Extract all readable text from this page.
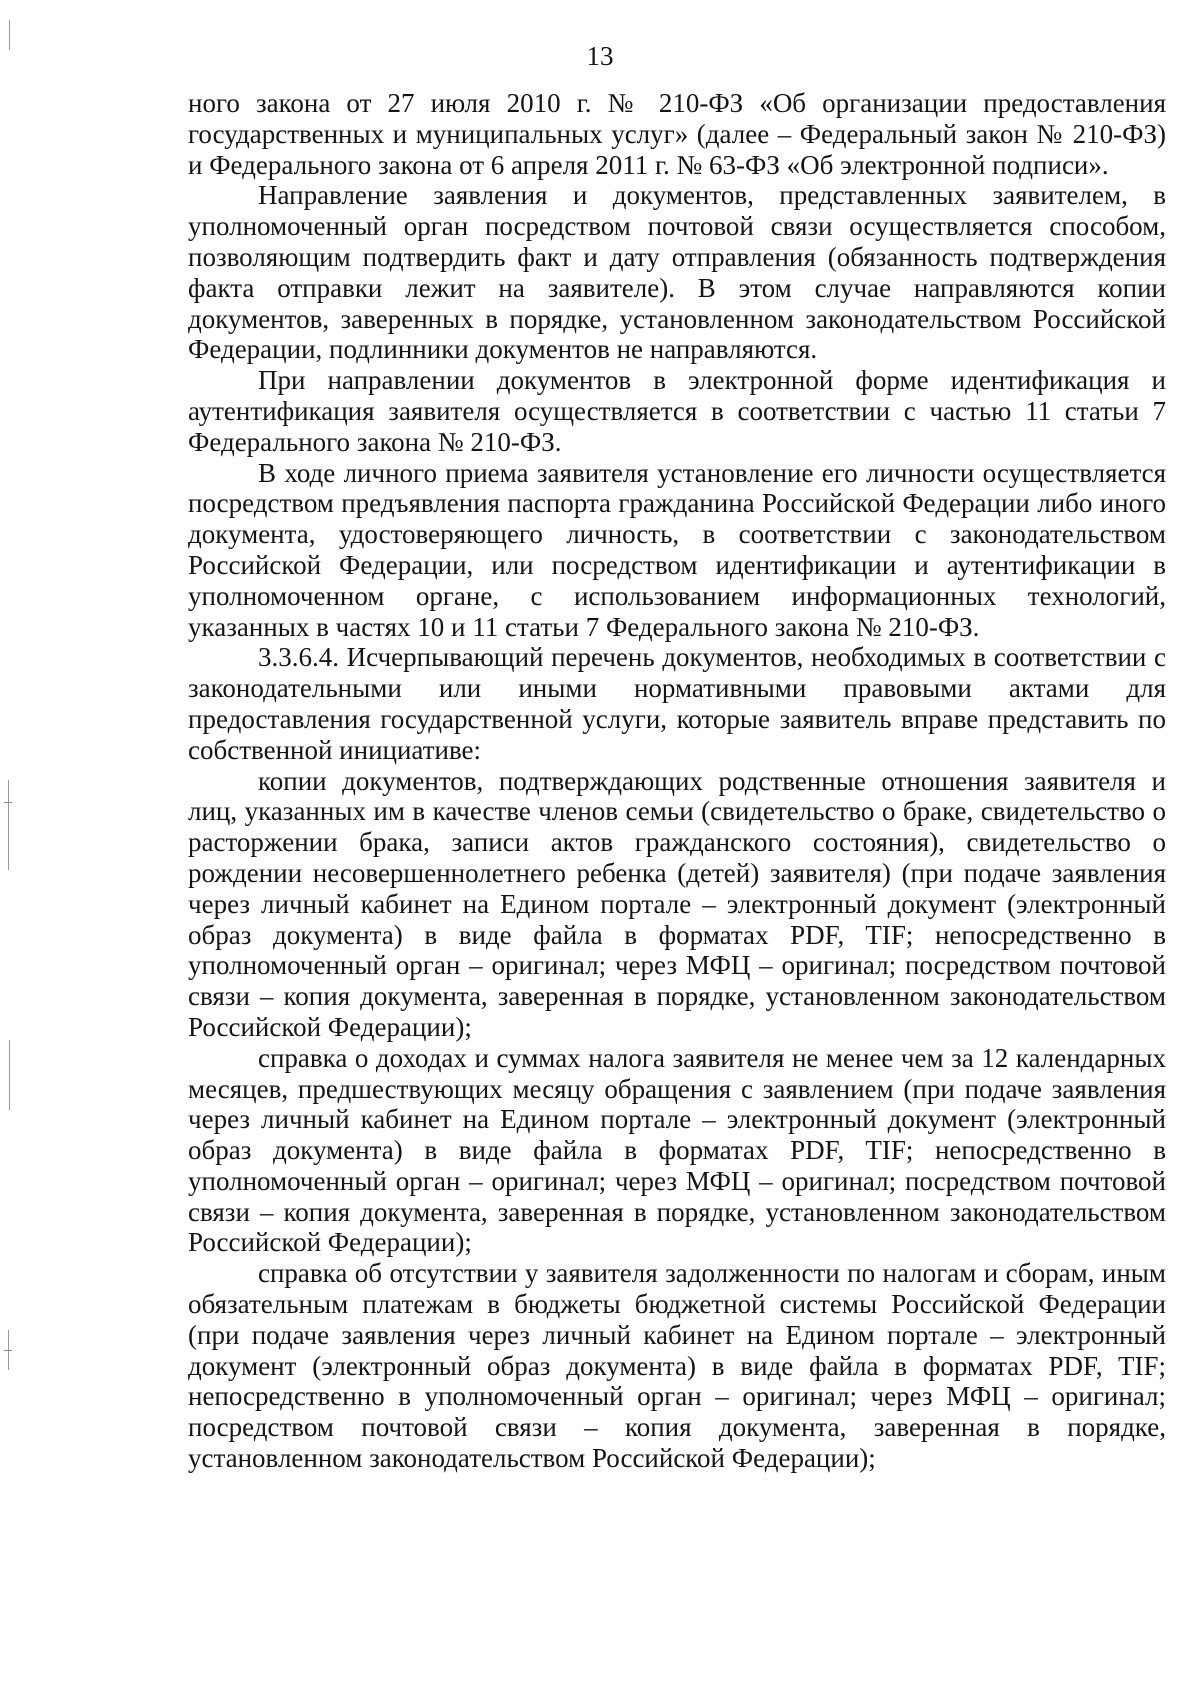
13

ного закона от 27 июля 2010 г. № 210-ФЗ «Об организации предоставления государственных и муниципальных услуг» (далее – Федеральный закон № 210-ФЗ) и Федерального закона от 6 апреля 2011 г. № 63-ФЗ «Об электронной подписи».

Направление заявления и документов, представленных заявителем, в уполномоченный орган посредством почтовой связи осуществляется способом, позволяющим подтвердить факт и дату отправления (обязанность подтверждения факта отправки лежит на заявителе). В этом случае направляются копии документов, заверенных в порядке, установленном законодательством Российской Федерации, подлинники документов не направляются.

При направлении документов в электронной форме идентификация и аутентификация заявителя осуществляется в соответствии с частью 11 статьи 7 Федерального закона № 210-ФЗ.

В ходе личного приема заявителя установление его личности осуществляется посредством предъявления паспорта гражданина Российской Федерации либо иного документа, удостоверяющего личность, в соответствии с законодательством Российской Федерации, или посредством идентификации и аутентификации в уполномоченном органе, с использованием информационных технологий, указанных в частях 10 и 11 статьи 7 Федерального закона № 210-ФЗ.

3.3.6.4. Исчерпывающий перечень документов, необходимых в соответствии с законодательными или иными нормативными правовыми актами для предоставления государственной услуги, которые заявитель вправе представить по собственной инициативе:

копии документов, подтверждающих родственные отношения заявителя и лиц, указанных им в качестве членов семьи (свидетельство о браке, свидетельство о расторжении брака, записи актов гражданского состояния), свидетельство о рождении несовершеннолетнего ребенка (детей) заявителя) (при подаче заявления через личный кабинет на Едином портале – электронный документ (электронный образ документа) в виде файла в форматах PDF, TIF; непосредственно в уполномоченный орган – оригинал; через МФЦ – оригинал; посредством почтовой связи – копия документа, заверенная в порядке, установленном законодательством Российской Федерации);

справка о доходах и суммах налога заявителя не менее чем за 12 календарных месяцев, предшествующих месяцу обращения с заявлением (при подаче заявления через личный кабинет на Едином портале – электронный документ (электронный образ документа) в виде файла в форматах PDF, TIF; непосредственно в уполномоченный орган – оригинал; через МФЦ – оригинал; посредством почтовой связи – копия документа, заверенная в порядке, установленном законодательством Российской Федерации);

справка об отсутствии у заявителя задолженности по налогам и сборам, иным обязательным платежам в бюджеты бюджетной системы Российской Федерации (при подаче заявления через личный кабинет на Едином портале – электронный документ (электронный образ документа) в виде файла в форматах PDF, TIF; непосредственно в уполномоченный орган – оригинал; через МФЦ – оригинал; посредством почтовой связи – копия документа, заверенная в порядке, установленном законодательством Российской Федерации);
